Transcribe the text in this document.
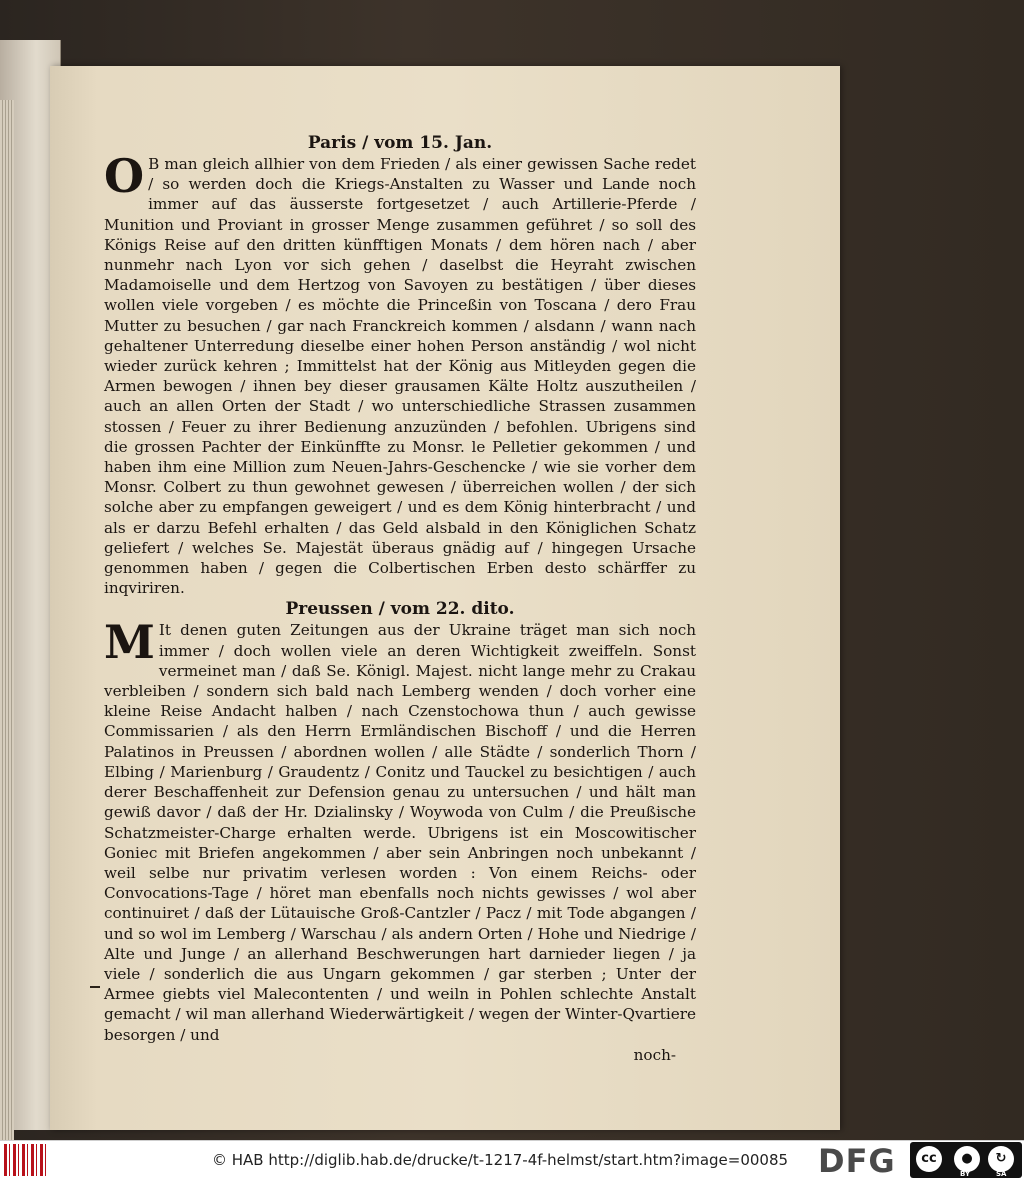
Paris / vom 15. Jan.

O B man gleich allhier von dem Frieden / als einer gewissen Sache redet / so werden doch die Kriegs-Anstalten zu Wasser und Lande noch immer auf das äusserste fortgesetzet / auch Artillerie-Pferde / Munition und Proviant in grosser Menge zusammen geführet / so soll des Königs Reise auf den dritten künfftigen Monats / dem hören nach / aber nunmehr nach Lyon vor sich gehen / daselbst die Heyraht zwischen Madamoiselle und dem Hertzog von Savoyen zu bestätigen / über dieses wollen viele vorgeben / es möchte die Princeßin von Toscana / dero Frau Mutter zu besuchen / gar nach Franckreich kommen / alsdann / wann nach gehaltener Unterredung dieselbe einer hohen Person anständig / wol nicht wieder zurück kehren ; Immittelst hat der König aus Mitleyden gegen die Armen bewogen / ihnen bey dieser grausamen Kälte Holtz auszutheilen / auch an allen Orten der Stadt / wo unterschiedliche Strassen zusammen stossen / Feuer zu ihrer Bedienung anzuzünden / befohlen. Ubrigens sind die grossen Pachter der Einkünffte zu Monsr. le Pelletier gekommen / und haben ihm eine Million zum Neuen-Jahrs-Geschencke / wie sie vorher dem Monsr. Colbert zu thun gewohnet gewesen / überreichen wollen / der sich solche aber zu empfangen geweigert / und es dem König hinterbracht / und als er darzu Befehl erhalten / das Geld alsbald in den Königlichen Schatz geliefert / welches Se. Majestät überaus gnädig auf / hingegen Ursache genommen haben / gegen die Colbertischen Erben desto schärffer zu inqviriren.

Preussen / vom 22. dito.

M It denen guten Zeitungen aus der Ukraine träget man sich noch immer / doch wollen viele an deren Wichtigkeit zweiffeln. Sonst vermeinet man / daß Se. Königl. Majest. nicht lange mehr zu Crakau verbleiben / sondern sich bald nach Lemberg wenden / doch vorher eine kleine Reise Andacht halben / nach Czenstochowa thun / auch gewisse Commissarien / als den Herrn Ermländischen Bischoff / und die Herren Palatinos in Preussen / abordnen wollen / alle Städte / sonderlich Thorn / Elbing / Marienburg / Graudentz / Conitz und Tauckel zu besichtigen / auch derer Beschaffenheit zur Defension genau zu untersuchen / und hält man gewiß davor / daß der Hr. Dzialinsky / Woywoda von Culm / die Preußische Schatzmeister-Charge erhalten werde. Ubrigens ist ein Moscowitischer Goniec mit Briefen angekommen / aber sein Anbringen noch unbekannt / weil selbe nur privatim verlesen worden : Von einem Reichs- oder Convocations-Tage / höret man ebenfalls noch nichts gewisses / wol aber continuiret / daß der Lütauische Groß-Cantzler / Pacz / mit Tode abgangen / und so wol im Lemberg / Warschau / als andern Orten / Hohe und Niedrige / Alte und Junge / an allerhand Beschwerungen hart darnieder liegen / ja viele / sonderlich die aus Ungarn gekommen / gar sterben ; Unter der Armee giebts viel Malecontenten / und weiln in Pohlen schlechte Anstalt gemacht / wil man allerhand Wiederwärtigkeit / wegen der Winter-Qvartiere besorgen / und

noch-

© HAB http://diglib.hab.de/drucke/t-1217-4f-helmst/start.htm?image=00085 DFG	cc	●	↻
BY	SA
